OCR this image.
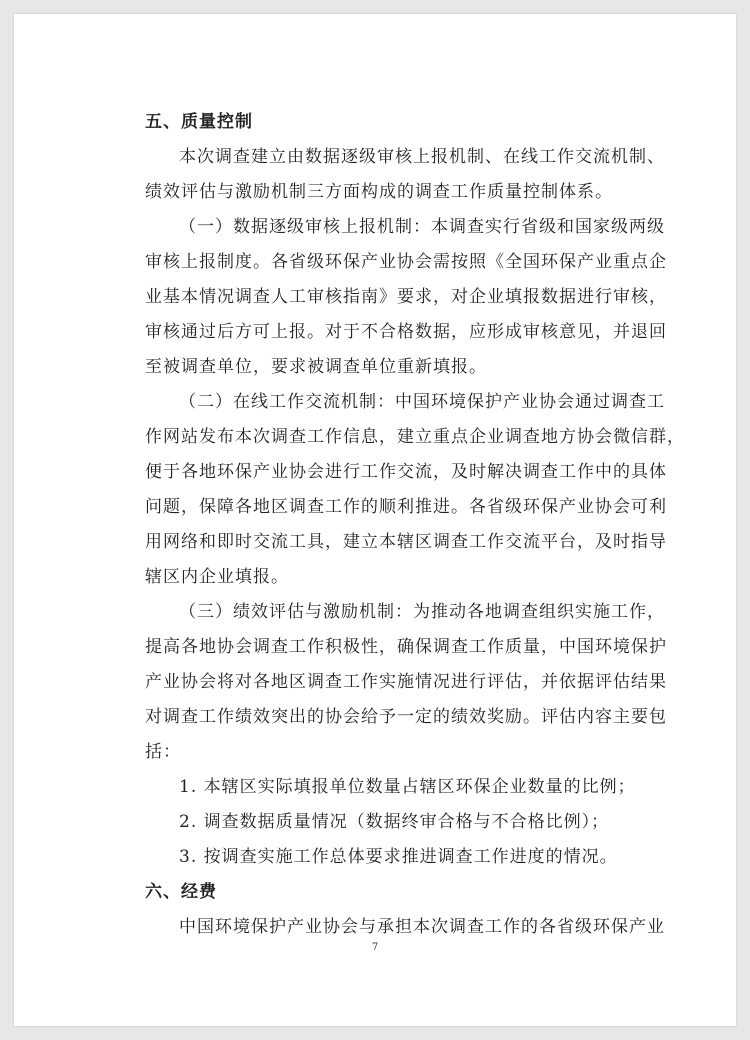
五、质量控制
本次调查建立由数据逐级审核上报机制、在线工作交流机制、
绩效评估与激励机制三方面构成的调查工作质量控制体系。
（一）数据逐级审核上报机制：本调查实行省级和国家级两级
审核上报制度。各省级环保产业协会需按照《全国环保产业重点企
业基本情况调查人工审核指南》要求，对企业填报数据进行审核，
审核通过后方可上报。对于不合格数据，应形成审核意见，并退回
至被调查单位，要求被调查单位重新填报。
（二）在线工作交流机制：中国环境保护产业协会通过调查工
作网站发布本次调查工作信息，建立重点企业调查地方协会微信群，
便于各地环保产业协会进行工作交流，及时解决调查工作中的具体
问题，保障各地区调查工作的顺利推进。各省级环保产业协会可利
用网络和即时交流工具，建立本辖区调查工作交流平台，及时指导
辖区内企业填报。
（三）绩效评估与激励机制：为推动各地调查组织实施工作，
提高各地协会调查工作积极性，确保调查工作质量，中国环境保护
产业协会将对各地区调查工作实施情况进行评估，并依据评估结果
对调查工作绩效突出的协会给予一定的绩效奖励。评估内容主要包
括：
1. 本辖区实际填报单位数量占辖区环保企业数量的比例；
2. 调查数据质量情况（数据终审合格与不合格比例）；
3. 按调查实施工作总体要求推进调查工作进度的情况。
六、经费
中国环境保护产业协会与承担本次调查工作的各省级环保产业
7
